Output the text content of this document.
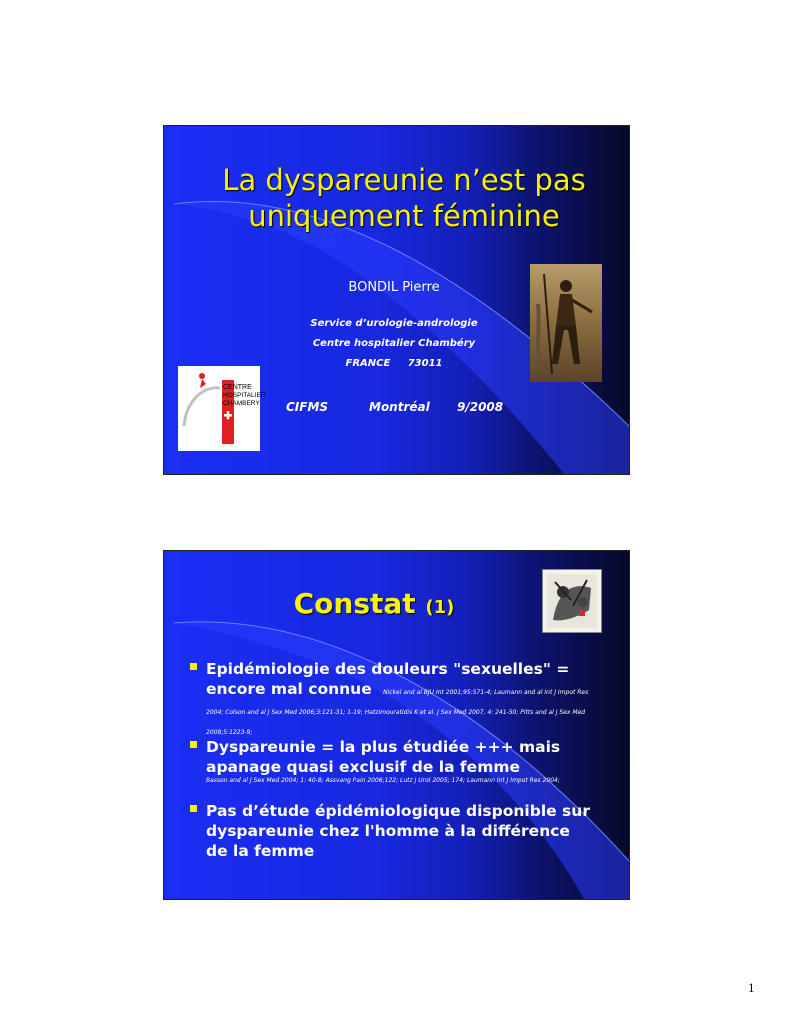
La dyspareunie n’est pas uniquement féminine
BONDIL Pierre
Service d’urologie-andrologie
Centre hospitalier Chambéry
FRANCE     73011
CIFMS	Montréal 9/2008
CENTRE
HOSPITALIER
CHAMBERY
Constat (1)
Epidémiologie des douleurs "sexuelles" = encore mal connue Nickel and al BJU Int 2001;95:571-4; Laumann and al Int J Impot Res 2004; Colson and al J Sex Med 2006;3:121-31; 1-19; Hatzimouratidis K et al. J Sex Med 2007, 4: 241-50; Pitts and al J Sex Med 2008;5:1223-9;
Dyspareunie = la plus étudiée +++ mais apanage quasi exclusif de la femme
Basson and al J Sex Med 2004; 1: 40-8; Assvang Pain 2006;122; Lutz J Urol 2005; 174; Laumann Int J Impot Res 2004;
Pas d’étude épidémiologique disponible sur dyspareunie chez l'homme à la différence de la femme
1
